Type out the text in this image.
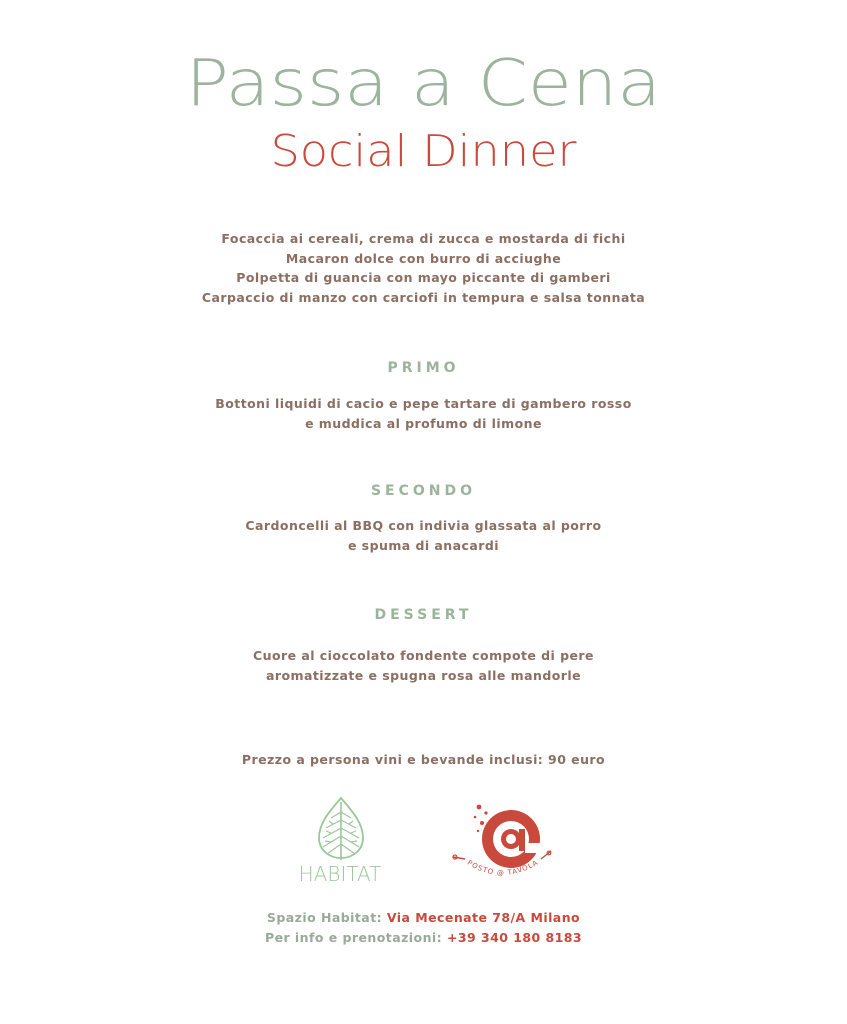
Passa a Cena
Social Dinner
Focaccia ai cereali, crema di zucca e mostarda di fichi
Macaron dolce con burro di acciughe
Polpetta di guancia con mayo piccante di gamberi
Carpaccio di manzo con carciofi in tempura e salsa tonnata
PRIMO
Bottoni liquidi di cacio e pepe tartare di gambero rosso
e muddica al profumo di limone
SECONDO
Cardoncelli al BBQ con indivia glassata al porro
e spuma di anacardi
DESSERT
Cuore al cioccolato fondente compote di pere
aromatizzate e spugna rosa alle mandorle
Prezzo a persona vini e bevande inclusi: 90 euro
HABITAT	POSTO @ TAVOLA
Spazio Habitat: Via Mecenate 78/A Milano
Per info e prenotazioni: +39 340 180 8183
